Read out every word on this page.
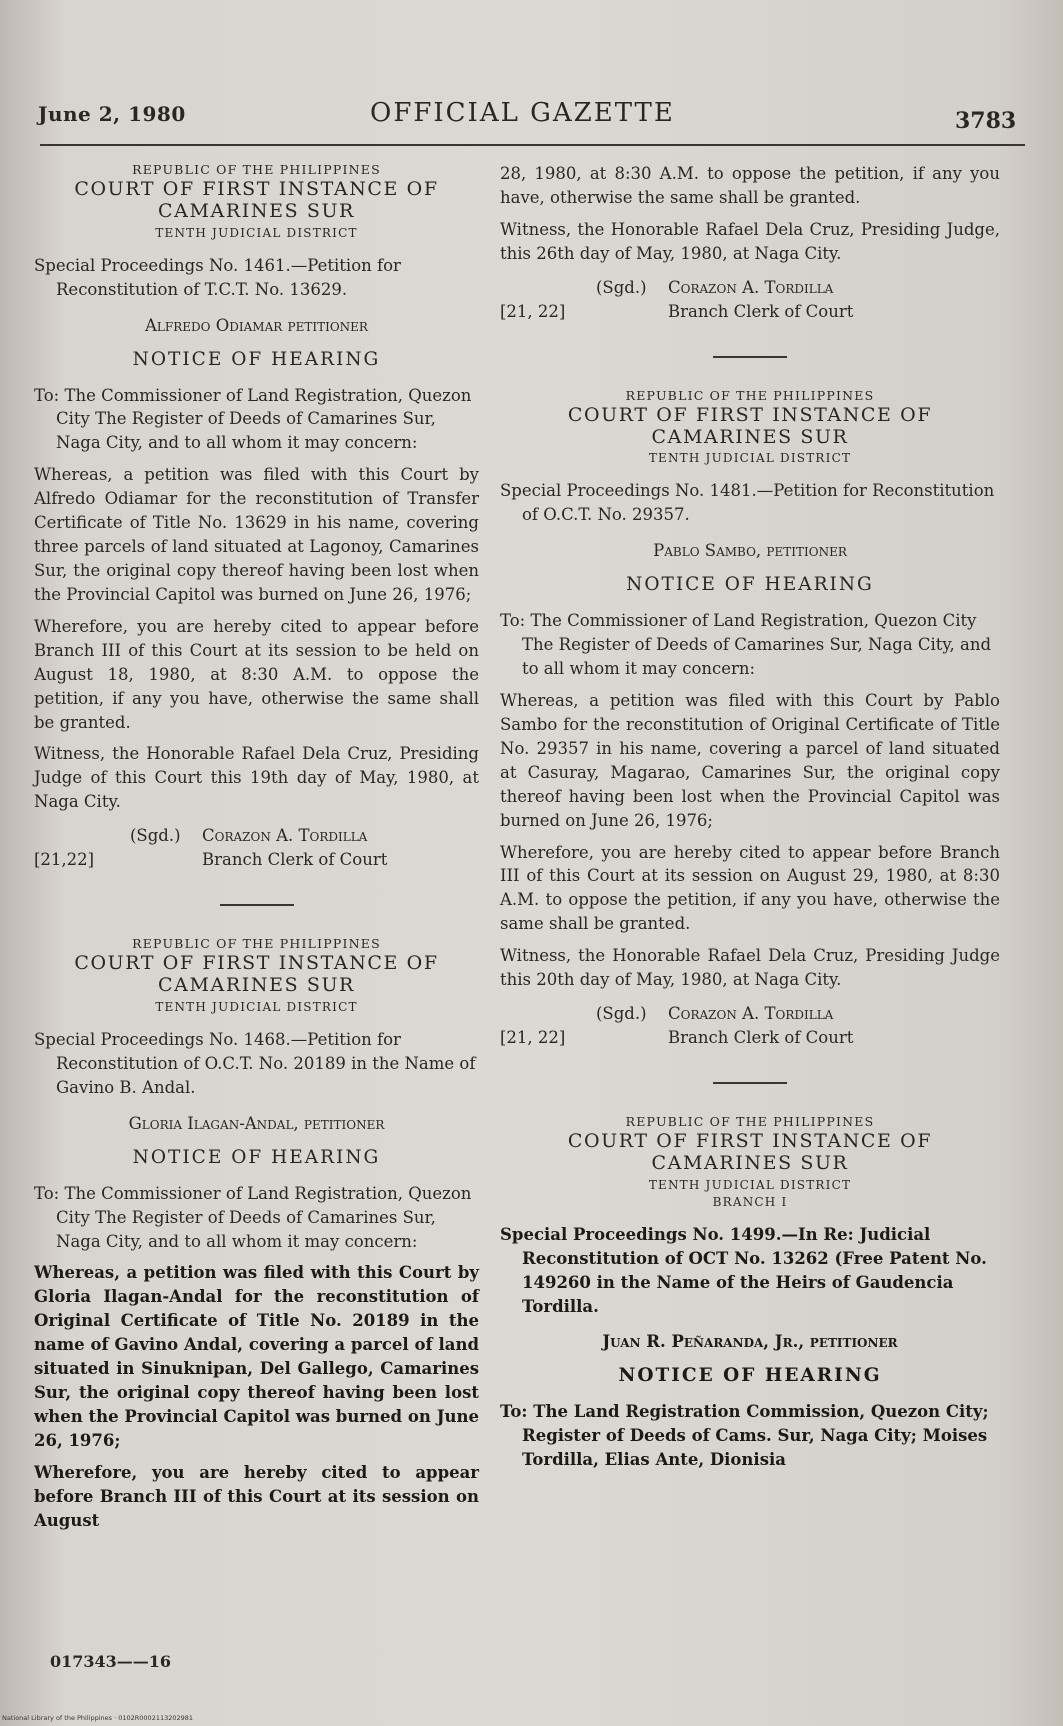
June 2, 1980	OFFICIAL GAZETTE	3783

REPUBLIC OF THE PHILIPPINES

COURT OF FIRST INSTANCE OF CAMARINES SUR

TENTH JUDICIAL DISTRICT

Special Proceedings No. 1461.—Petition for Reconstitution of T.C.T. No. 13629.

Alfredo Odiamar petitioner

NOTICE OF HEARING

To: The Commissioner of Land Registration, Quezon City The Register of Deeds of Camarines Sur, Naga City, and to all whom it may concern:

Whereas, a petition was filed with this Court by Alfredo Odiamar for the reconstitution of Transfer Certificate of Title No. 13629 in his name, covering three parcels of land situated at Lagonoy, Camarines Sur, the original copy thereof having been lost when the Provincial Capitol was burned on June 26, 1976;

Wherefore, you are hereby cited to appear before Branch III of this Court at its session to be held on August 18, 1980, at 8:30 A.M. to oppose the petition, if any you have, otherwise the same shall be granted.

Witness, the Honorable Rafael Dela Cruz, Presiding Judge of this Court this 19th day of May, 1980, at Naga City.

[21,22]
(Sgd.) Corazon A. Tordilla
Branch Clerk of Court

REPUBLIC OF THE PHILIPPINES

COURT OF FIRST INSTANCE OF CAMARINES SUR

TENTH JUDICIAL DISTRICT

Special Proceedings No. 1468.—Petition for Reconstitution of O.C.T. No. 20189 in the Name of Gavino B. Andal.

Gloria Ilagan-Andal, petitioner

NOTICE OF HEARING

To: The Commissioner of Land Registration, Quezon City The Register of Deeds of Camarines Sur, Naga City, and to all whom it may concern:

Whereas, a petition was filed with this Court by Gloria Ilagan-Andal for the reconstitution of Original Certificate of Title No. 20189 in the name of Gavino Andal, covering a parcel of land situated in Sinuknipan, Del Gallego, Camarines Sur, the original copy thereof having been lost when the Provincial Capitol was burned on June 26, 1976;

Wherefore, you are hereby cited to appear before Branch III of this Court at its session on August

017343——16

28, 1980, at 8:30 A.M. to oppose the petition, if any you have, otherwise the same shall be granted.

Witness, the Honorable Rafael Dela Cruz, Presiding Judge, this 26th day of May, 1980, at Naga City.

[21, 22]
(Sgd.) Corazon A. Tordilla
Branch Clerk of Court

REPUBLIC OF THE PHILIPPINES

COURT OF FIRST INSTANCE OF CAMARINES SUR

TENTH JUDICIAL DISTRICT

Special Proceedings No. 1481.—Petition for Reconstitution of O.C.T. No. 29357.

Pablo Sambo, petitioner

NOTICE OF HEARING

To: The Commissioner of Land Registration, Quezon City The Register of Deeds of Camarines Sur, Naga City, and to all whom it may concern:

Whereas, a petition was filed with this Court by Pablo Sambo for the reconstitution of Original Certificate of Title No. 29357 in his name, covering a parcel of land situated at Casuray, Magarao, Camarines Sur, the original copy thereof having been lost when the Provincial Capitol was burned on June 26, 1976;

Wherefore, you are hereby cited to appear before Branch III of this Court at its session on August 29, 1980, at 8:30 A.M. to oppose the petition, if any you have, otherwise the same shall be granted.

Witness, the Honorable Rafael Dela Cruz, Presiding Judge this 20th day of May, 1980, at Naga City.

[21, 22]
(Sgd.) Corazon A. Tordilla
Branch Clerk of Court

REPUBLIC OF THE PHILIPPINES

COURT OF FIRST INSTANCE OF CAMARINES SUR

TENTH JUDICIAL DISTRICT

BRANCH I

Special Proceedings No. 1499.—In Re: Judicial Reconstitution of OCT No. 13262 (Free Patent No. 149260 in the Name of the Heirs of Gaudencia Tordilla.

Juan R. Peñaranda, Jr., petitioner

NOTICE OF HEARING

To: The Land Registration Commission, Quezon City; Register of Deeds of Cams. Sur, Naga City; Moises Tordilla, Elias Ante, Dionisia

National Library of the Philippines · 0102R0002113202981
